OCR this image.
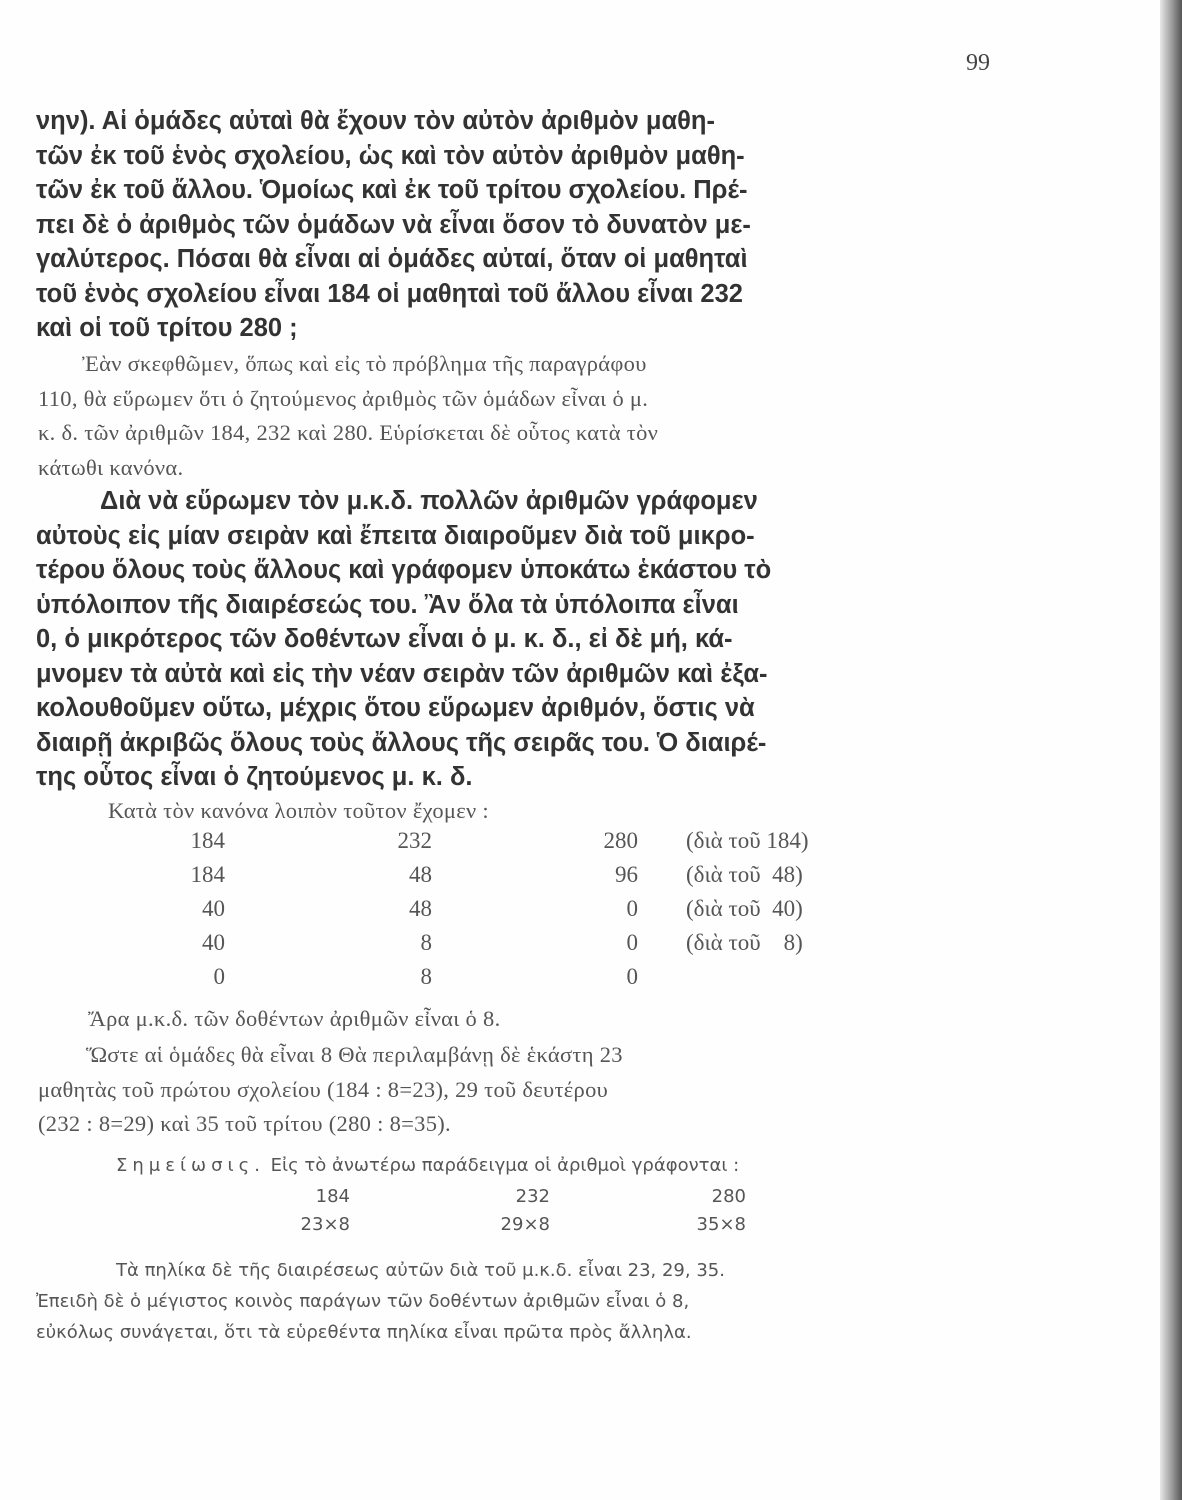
99
νην). Αἱ ὁμάδες αὐταὶ θὰ ἔχουν τὸν αὐτὸν ἀριθμὸν μαθη-
τῶν ἐκ τοῦ ἑνὸς σχολείου, ὡς καὶ τὸν αὐτὸν ἀριθμὸν μαθη-
τῶν ἐκ τοῦ ἄλλου. Ὁμοίως καὶ ἐκ τοῦ τρίτου σχολείου. Πρέ-
πει δὲ ὁ ἀριθμὸς τῶν ὁμάδων νὰ εἶναι ὅσον τὸ δυνατὸν με-
γαλύτερος. Πόσαι θὰ εἶναι αἱ ὁμάδες αὐταί, ὅταν οἱ μαθηταὶ
τοῦ ἑνὸς σχολείου εἶναι 184 οἱ μαθηταὶ τοῦ ἄλλου εἶναι 232
καὶ οἱ τοῦ τρίτου 280 ;
Ἐὰν σκεφθῶμεν, ὅπως καὶ εἰς τὸ πρόβλημα τῆς παραγράφου
110, θὰ εὕρωμεν ὅτι ὁ ζητούμενος ἀριθμὸς τῶν ὁμάδων εἶναι ὁ μ.
κ. δ. τῶν ἀριθμῶν 184, 232 καὶ 280. Εὑρίσκεται δὲ οὗτος κατὰ τὸν
κάτωθι κανόνα.
Διὰ νὰ εὕρωμεν τὸν μ.κ.δ. πολλῶν ἀριθμῶν γράφομεν
αὐτοὺς εἰς μίαν σειρὰν καὶ ἔπειτα διαιροῦμεν διὰ τοῦ μικρο-
τέρου ὅλους τοὺς ἄλλους καὶ γράφομεν ὑποκάτω ἑκάστου τὸ
ὑπόλοιπον τῆς διαιρέσεώς του. Ἂν ὅλα τὰ ὑπόλοιπα εἶναι
0, ὁ μικρότερος τῶν δοθέντων εἶναι ὁ μ. κ. δ., εἰ δὲ μή, κά-
μνομεν τὰ αὐτὰ καὶ εἰς τὴν νέαν σειρὰν τῶν ἀριθμῶν καὶ ἐξα-
κολουθοῦμεν οὕτω, μέχρις ὅτου εὕρωμεν ἀριθμόν, ὅστις νὰ
διαιρῇ ἀκριβῶς ὅλους τοὺς ἄλλους τῆς σειρᾶς του. Ὁ διαιρέ-
της οὗτος εἶναι ὁ ζητούμενος μ. κ. δ.
Κατὰ τὸν κανόνα λοιπὸν τοῦτον ἔχομεν :
184	232	280 (διὰ τοῦ 184)
184	48	96 (διὰ τοῦ  48)
40	48	0 (διὰ τοῦ  40)
40	8	0 (διὰ τοῦ    8)
0	8	0
Ἄρα μ.κ.δ. τῶν δοθέντων ἀριθμῶν εἶναι ὁ 8.
Ὥστε αἱ ὁμάδες θὰ εἶναι 8 Θὰ περιλαμβάνῃ δὲ ἑκάστη 23
μαθητὰς τοῦ πρώτου σχολείου (184 : 8=23), 29 τοῦ δευτέρου
(232 : 8=29) καὶ 35 τοῦ τρίτου (280 : 8=35).
Σημείωσις. Εἰς τὸ ἀνωτέρω παράδειγμα οἱ ἀριθμοὶ γράφονται :
184	232	280
23×8	29×8	35×8
Τὰ πηλίκα δὲ τῆς διαιρέσεως αὐτῶν διὰ τοῦ μ.κ.δ. εἶναι 23, 29, 35.
Ἐπειδὴ δὲ ὁ μέγιστος κοινὸς παράγων τῶν δοθέντων ἀριθμῶν εἶναι ὁ 8,
εὐκόλως συνάγεται, ὅτι τὰ εὑρεθέντα πηλίκα εἶναι πρῶτα πρὸς ἄλληλα.
